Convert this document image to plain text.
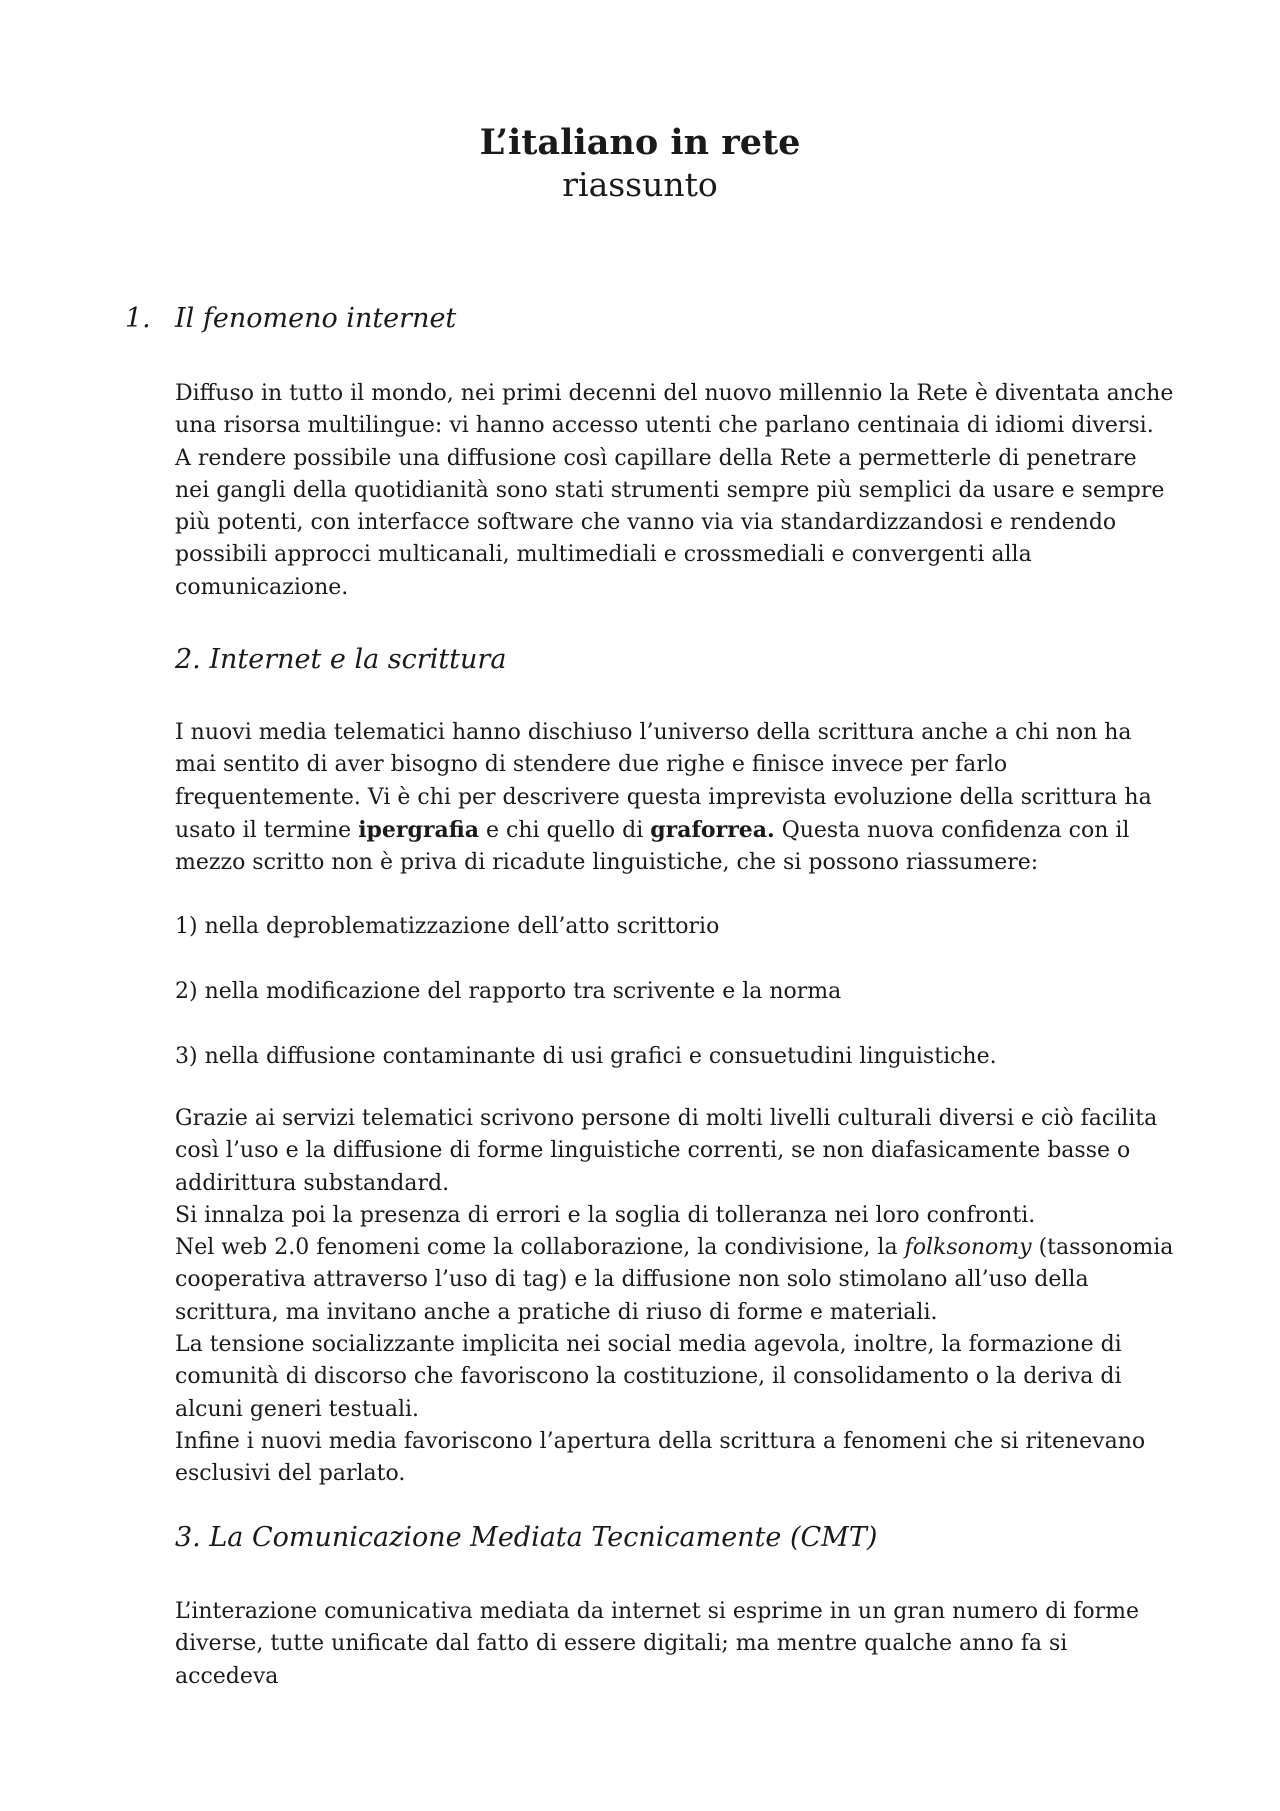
L’italiano in rete
riassunto
1. Il fenomeno internet

Diffuso in tutto il mondo, nei primi decenni del nuovo millennio la Rete è diventata anche una risorsa multilingue: vi hanno accesso utenti che parlano centinaia di idiomi diversi. A rendere possibile una diffusione così capillare della Rete a permetterle di penetrare nei gangli della quotidianità sono stati strumenti sempre più semplici da usare e sempre più potenti, con interfacce software che vanno via via standardizzandosi e rendendo possibili approcci multicanali, multimediali e crossmediali e convergenti alla comunicazione.

2. Internet e la scrittura

I nuovi media telematici hanno dischiuso l’universo della scrittura anche a chi non ha mai sentito di aver bisogno di stendere due righe e finisce invece per farlo frequentemente. Vi è chi per descrivere questa imprevista evoluzione della scrittura ha usato il termine ipergrafia e chi quello di graforrea. Questa nuova confidenza con il mezzo scritto non è priva di ricadute linguistiche, che si possono riassumere:

1) nella deproblematizzazione dell’atto scrittorio

2) nella modificazione del rapporto tra scrivente e la norma

3) nella diffusione contaminante di usi grafici e consuetudini linguistiche.

Grazie ai servizi telematici scrivono persone di molti livelli culturali diversi e ciò facilita così l’uso e la diffusione di forme linguistiche correnti, se non diafasicamente basse o addirittura substandard.

Si innalza poi la presenza di errori e la soglia di tolleranza nei loro confronti.

Nel web 2.0 fenomeni come la collaborazione, la condivisione, la folksonomy (tassonomia cooperativa attraverso l’uso di tag) e la diffusione non solo stimolano all’uso della scrittura, ma invitano anche a pratiche di riuso di forme e materiali.

La tensione socializzante implicita nei social media agevola, inoltre, la formazione di comunità di discorso che favoriscono la costituzione, il consolidamento o la deriva di alcuni generi testuali.

Infine i nuovi media favoriscono l’apertura della scrittura a fenomeni che si ritenevano esclusivi del parlato.

3. La Comunicazione Mediata Tecnicamente (CMT)

L’interazione comunicativa mediata da internet si esprime in un gran numero di forme diverse, tutte unificate dal fatto di essere digitali; ma mentre qualche anno fa si accedeva
